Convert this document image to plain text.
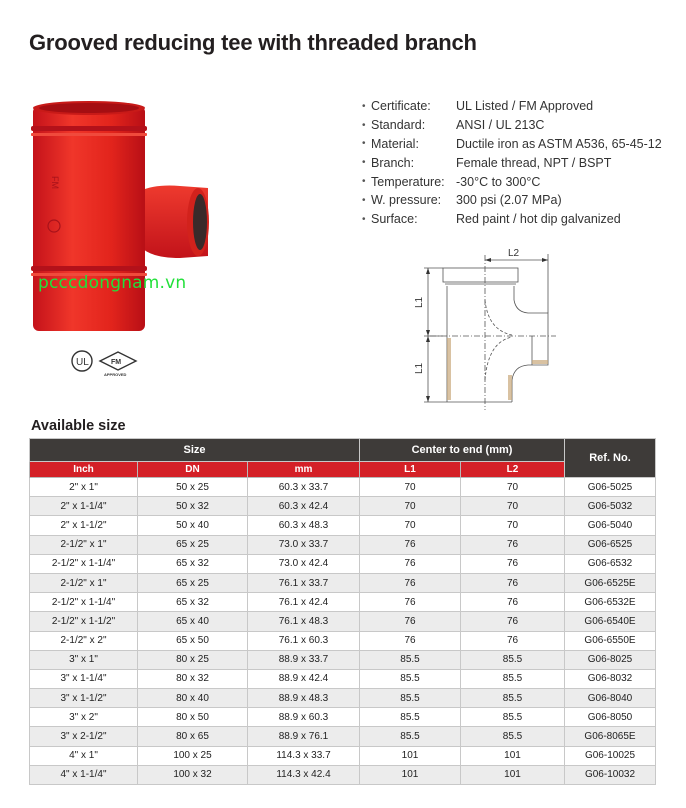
Grooved reducing tee with threaded branch
FM
pcccdongnam.vn
UL	FM
APPROVED
• Certificate:	UL Listed / FM Approved
• Standard:	ANSI / UL 213C
• Material:	Ductile iron as ASTM A536, 65-45-12
• Branch:	Female thread, NPT / BSPT
• Temperature: -30°C to 300°C
• W. pressure:	300 psi (2.07 MPa)
• Surface:	Red paint / hot dip galvanized
L2
L1
L1
Available size
Size			Center to end (mm)		Ref. No.
Inch	DN	mm	L1	L2	
2" x 1"	50 x 25	60.3 x 33.7	70	70	G06-5025
2" x 1-1/4"	50 x 32	60.3 x 42.4	70	70	G06-5032
2" x 1-1/2"	50 x 40	60.3 x 48.3	70	70	G06-5040
2-1/2" x 1"	65 x 25	73.0 x 33.7	76	76	G06-6525
2-1/2" x 1-1/4"	65 x 32	73.0 x 42.4	76	76	G06-6532
2-1/2" x 1"	65 x 25	76.1 x 33.7	76	76	G06-6525E
2-1/2" x 1-1/4"	65 x 32	76.1 x 42.4	76	76	G06-6532E
2-1/2" x 1-1/2"	65 x 40	76.1 x 48.3	76	76	G06-6540E
2-1/2" x 2"	65 x 50	76.1 x 60.3	76	76	G06-6550E
3" x 1"	80 x 25	88.9 x 33.7	85.5	85.5	G06-8025
3" x 1-1/4"	80 x 32	88.9 x 42.4	85.5	85.5	G06-8032
3" x 1-1/2"	80 x 40	88.9 x 48.3	85.5	85.5	G06-8040
3" x 2"	80 x 50	88.9 x 60.3	85.5	85.5	G06-8050
3" x 2-1/2"	80 x 65	88.9 x 76.1	85.5	85.5	G06-8065E
4" x 1"	100 x 25	114.3 x 33.7	101	101	G06-10025
4" x 1-1/4"	100 x 32	114.3 x 42.4	101	101	G06-10032
